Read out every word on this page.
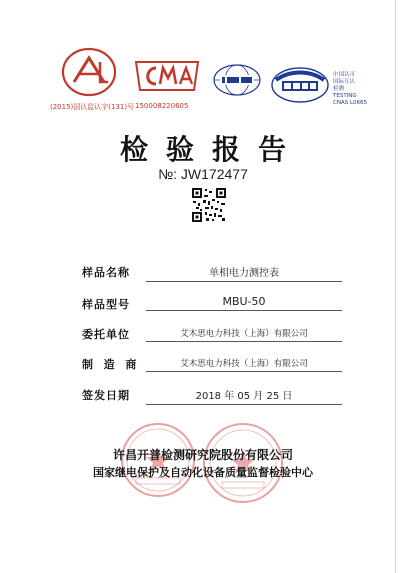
(2015)国认监认字(131)号 150008220605
中国认可
国际互认
检测
TESTING
CNAS L0665
检验报告
№: JW172477
样品名称	单相电力测控表
样品型号	MBU-50
委托单位	艾木思电力科技（上海）有限公司
制  造  商	艾木思电力科技（上海）有限公司
签发日期	2018 年 05 月 25 日
许昌开普检测研究院股份有限公司
国家继电保护及自动化设备质量监督检验中心
